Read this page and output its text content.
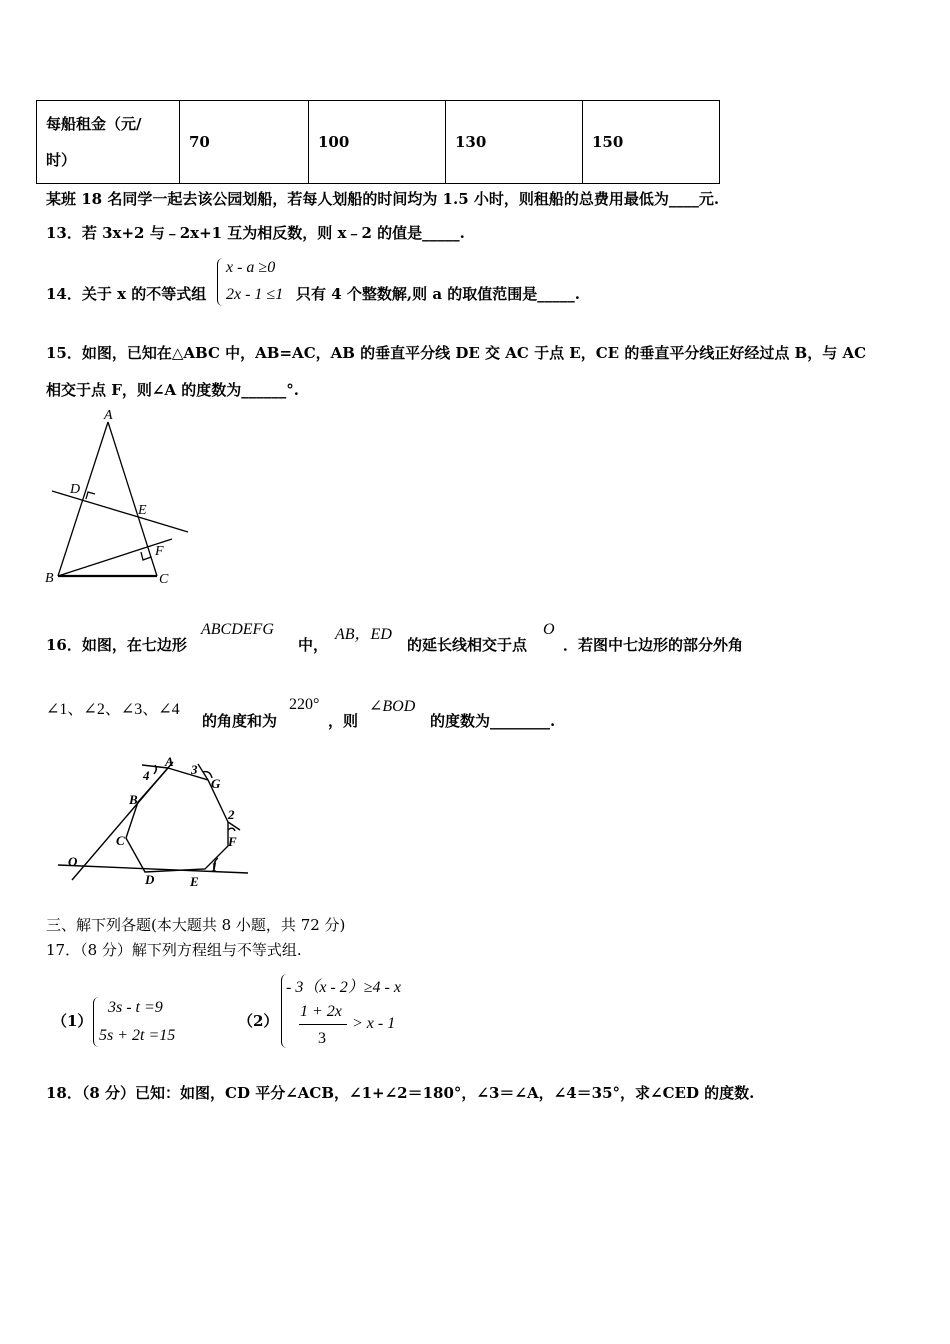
每船租金（元/
时）	70	100	130	150
某班 18 名同学一起去该公园划船，若每人划船的时间均为 1.5 小时，则租船的总费用最低为____元.
13．若 3x+2 与﹣2x+1 互为相反数，则 x﹣2 的值是_____.
14．关于 x 的不等式组
x - a ≥0
2x - 1 ≤1 只有 4 个整数解,则 a 的取值范围是_____.
15．如图，已知在△ABC 中，AB=AC，AB 的垂直平分线 DE 交 AC 于点 E，CE 的垂直平分线正好经过点 B，与 AC
相交于点 F，则∠A 的度数为______°.
A
D
E
F
B	C
16．如图，在七边形
ABCDEFG
中，
AB，ED
的延长线相交于点
O
．若图中七边形的部分外角
∠1、∠2、∠3、∠4
的角度和为
220°
，则
∠BOD
的度数为________.
A
G
B
C
O
D	E
F
1
2
3
4
三、解下列各题(本大题共 8 小题，共 72 分)
17．（8 分）解下列方程组与不等式组.
（1）
3s - t =9
5s + 2t =15
（2）
- 3（x - 2）≥4 - x
1 + 2x
3
> x - 1
18．（8 分）已知：如图，CD 平分∠ACB，∠1+∠2＝180°，∠3＝∠A，∠4＝35°，求∠CED 的度数.
